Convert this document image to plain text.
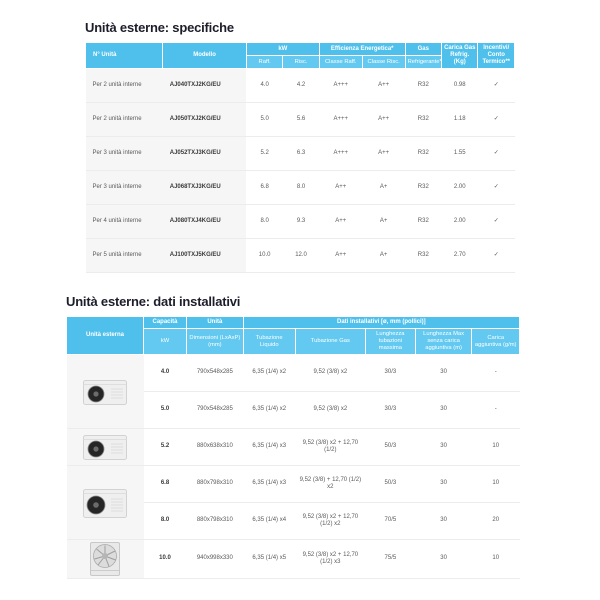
Unità esterne: specifiche
N° Unità	Modello	kW		Efficienza Energetica*		Gas	Carica Gas Refrig. (Kg)	Incentivi/ Conto Termico**
		Raff.	Risc.	Classe Raff.	Classe Risc.	Refrigerante*		
Per 2 unità interne	AJ040TXJ2KG/EU	4.0	4.2	A+++	A++	R32	0.98	✓
Per 2 unità interne	AJ050TXJ2KG/EU	5.0	5.6	A+++	A++	R32	1.18	✓
Per 3 unità interne	AJ052TXJ3KG/EU	5.2	6.3	A+++	A++	R32	1.55	✓
Per 3 unità interne	AJ068TXJ3KG/EU	6.8	8.0	A++	A+	R32	2.00	✓
Per 4 unità interne	AJ080TXJ4KG/EU	8.0	9.3	A++	A+	R32	2.00	✓
Per 5 unità interne	AJ100TXJ5KG/EU	10.0	12.0	A++	A+	R32	2.70	✓
Unità esterne: dati installativi
Unità esterna	Capacità	Unità	Dati installativi [ø, mm (pollici)]				
	kW	Dimensioni (LxAxP) (mm)	Tubazione Liquido	Tubazione Gas	Lunghezza tubazioni massima	Lunghezza Max senza carica aggiuntiva (m)	Carica aggiuntiva (g/m)

	4.0	790x548x285	6,35 (1/4) x2	9,52 (3/8) x2	30/3	30	-
	5.0	790x548x285	6,35 (1/4) x2	9,52 (3/8) x2	30/3	30	-

	5.2	880x638x310	6,35 (1/4) x3	9,52 (3/8) x2 + 12,70 (1/2)	50/3	30	10

	6.8	880x798x310	6,35 (1/4) x3	9,52 (3/8) + 12,70 (1/2) x2	50/3	30	10
	8.0	880x798x310	6,35 (1/4) x4	9,52 (3/8) x2 + 12,70 (1/2) x2	70/5	30	20

	10.0	940x998x330	6,35 (1/4) x5	9,52 (3/8) x2 + 12,70 (1/2) x3	75/5	30	10
